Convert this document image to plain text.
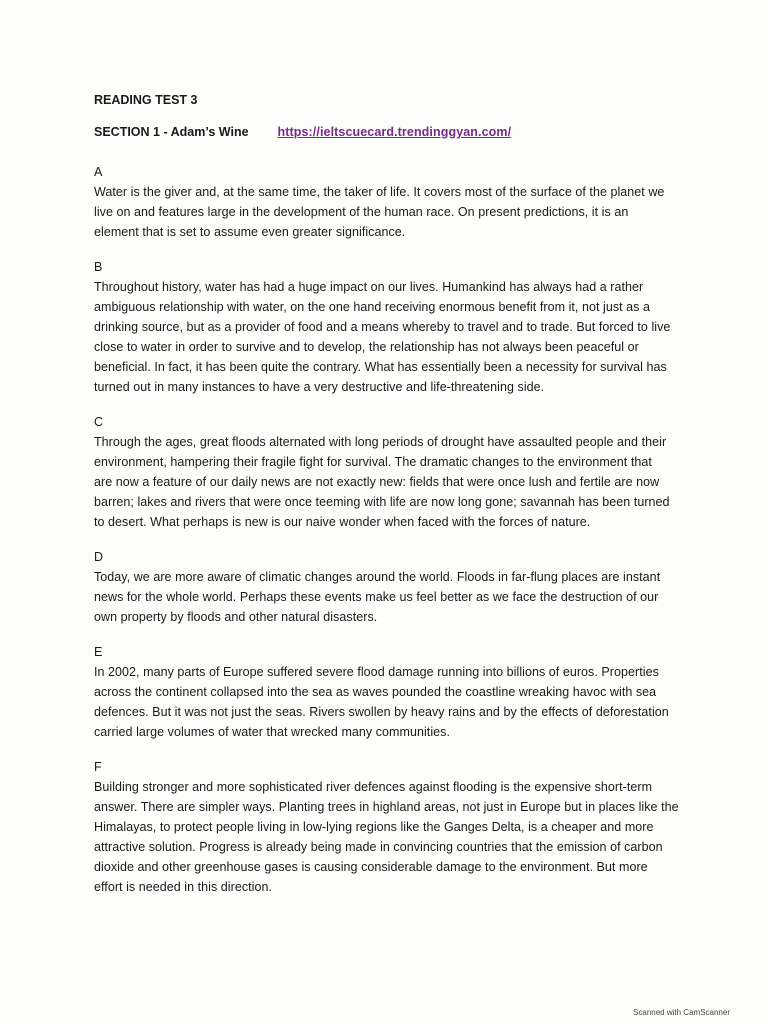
READING TEST 3
SECTION 1 - Adam’s Wine https://ieltscuecard.trendinggyan.com/
A

Water is the giver and, at the same time, the taker of life. It covers most of the surface of the planet we
live on and features large in the development of the human race. On present predictions, it is an
element that is set to assume even greater significance.

B

Throughout history, water has had a huge impact on our lives. Humankind has always had a rather
ambiguous relationship with water, on the one hand receiving enormous benefit from it, not just as a
drinking source, but as a provider of food and a means whereby to travel and to trade. But forced to live
close to water in order to survive and to develop, the relationship has not always been peaceful or
beneficial. In fact, it has been quite the contrary. What has essentially been a necessity for survival has
turned out in many instances to have a very destructive and life-threatening side.

C

Through the ages, great floods alternated with long periods of drought have assaulted people and their
environment, hampering their fragile fight for survival. The dramatic changes to the environment that
are now a feature of our daily news are not exactly new: fields that were once lush and fertile are now
barren; lakes and rivers that were once teeming with life are now long gone; savannah has been turned
to desert. What perhaps is new is our naive wonder when faced with the forces of nature.

D

Today, we are more aware of climatic changes around the world. Floods in far-flung places are instant
news for the whole world. Perhaps these events make us feel better as we face the destruction of our
own property by floods and other natural disasters.

E

In 2002, many parts of Europe suffered severe flood damage running into billions of euros. Properties
across the continent collapsed into the sea as waves pounded the coastline wreaking havoc with sea
defences. But it was not just the seas. Rivers swollen by heavy rains and by the effects of deforestation
carried large volumes of water that wrecked many communities.

F

Building stronger and more sophisticated river defences against flooding is the expensive short-term
answer. There are simpler ways. Planting trees in highland areas, not just in Europe but in places like the
Himalayas, to protect people living in low-lying regions like the Ganges Delta, is a cheaper and more
attractive solution. Progress is already being made in convincing countries that the emission of carbon
dioxide and other greenhouse gases is causing considerable damage to the environment. But more
effort is needed in this direction.

Scanned with CamScanner
